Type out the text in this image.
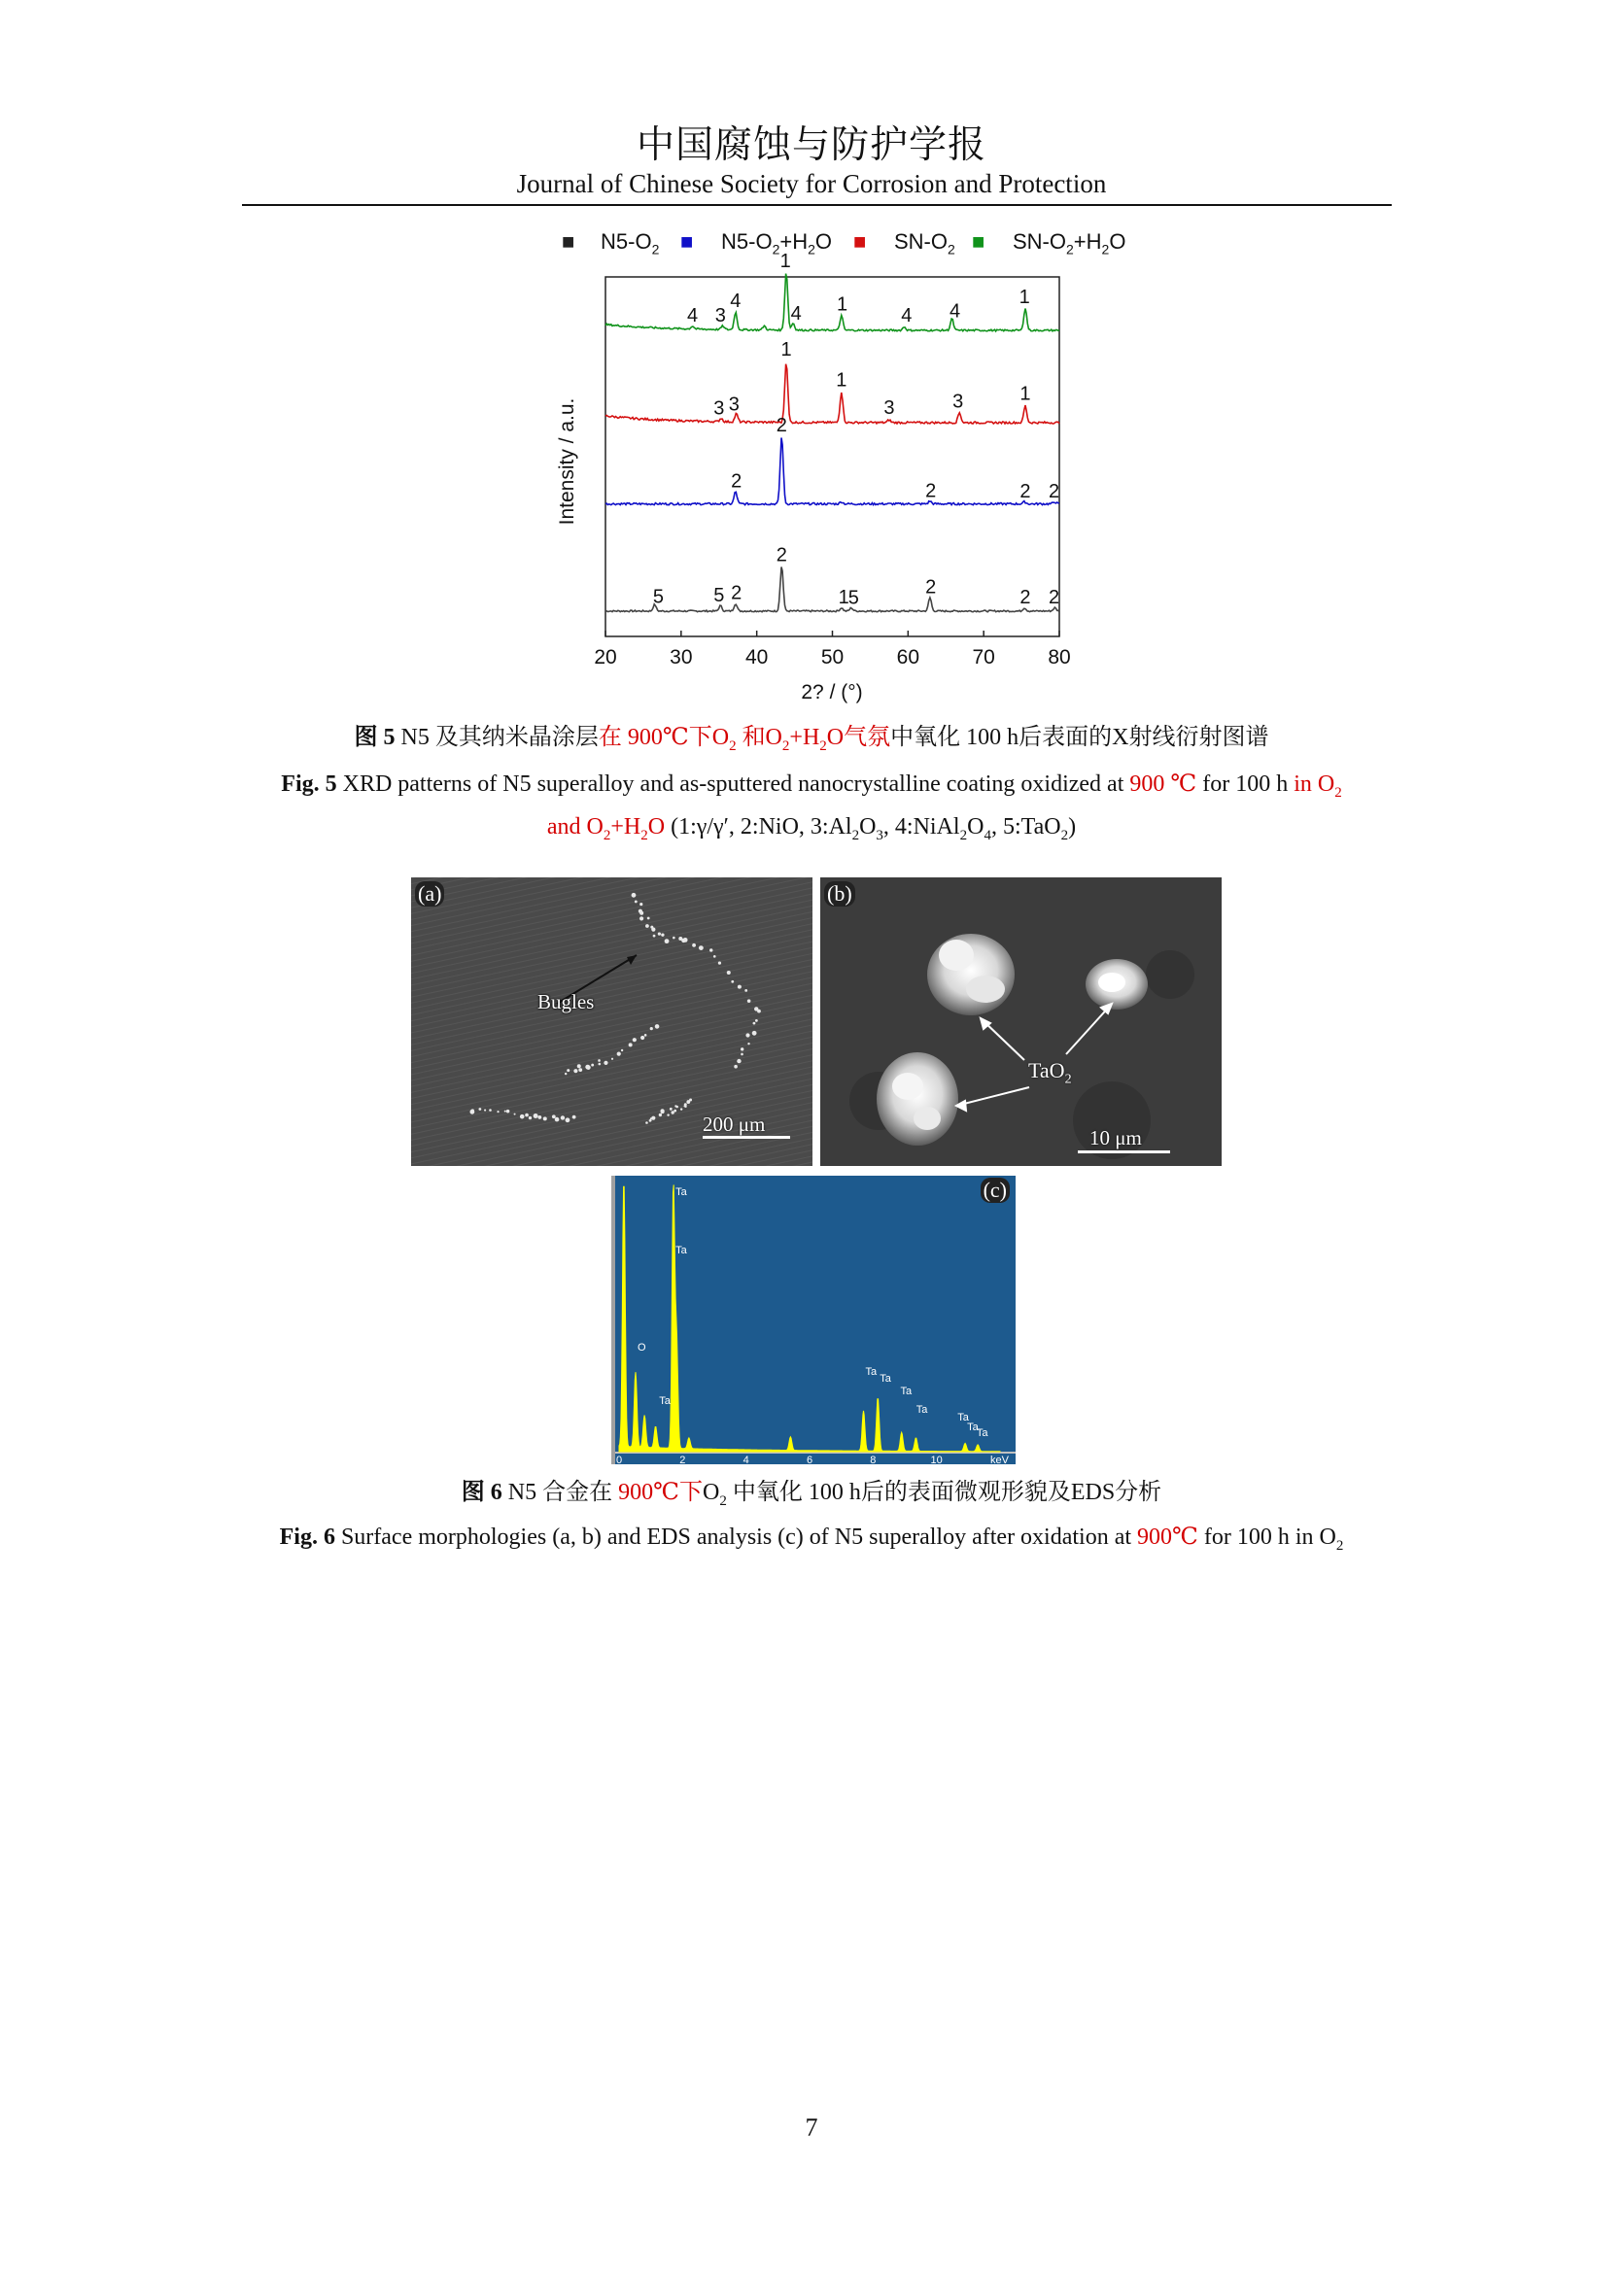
中国腐蚀与防护学报
Journal of Chinese Society for Corrosion and Protection
■ $N5-O_2$ ■ $N5-O_2+H_2O$ ■ $SN-O_2$ ■ $SN-O_2+H_2O$
5	5 2
2
1
5	2	2 2
2
2
2	2 2
3 3
1
1
3	3	1
4 3
4
1
4 1
4 4
1
20	30	40	50	60	70	80
Intensity / a.u.
2? / (°)
图 5 N5 及其纳米晶涂层在 900℃下$O_2$ 和$O_2+H_2O$气氛中氧化 100 h后表面的X射线衍射图谱
Fig. 5 XRD patterns of N5 superalloy and as-sputtered nanocrystalline coating oxidized at 900 ℃ for 100 h in $O_2$
and $O_2+H_2O$ (1:γ/γ′, 2:NiO, $3:Al_2O_3$, $4:NiAl_2O_4$, 5:TaO$_2$)
(a)
Bugles
200 μm
(b)
TaO$_2$
10 μm
Ta
Ta
O
Ta
Ta
Ta
Ta
Ta
Ta
Ta
Ta
0	2	4	6	8	10	keV
(c)
图 6 N5 合金在 900℃下$O_2$ 中氧化 100 h后的表面微观形貌及EDS分析
Fig. 6 Surface morphologies (a, b) and EDS analysis (c) of N5 superalloy after oxidation at 900℃ for 100 h in $O_2$
7
